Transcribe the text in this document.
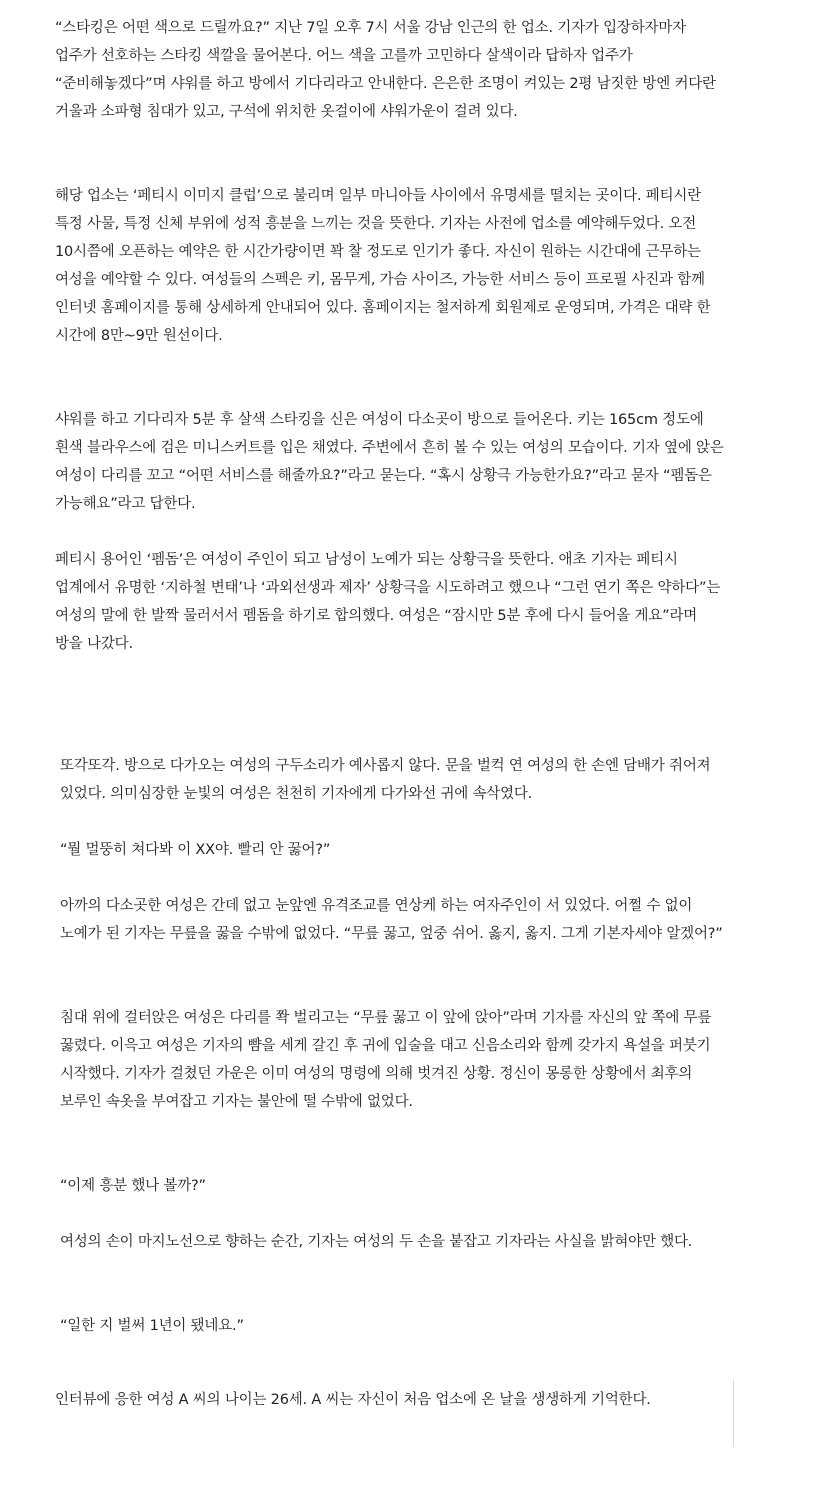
“스타킹은 어떤 색으로 드릴까요?” 지난 7일 오후 7시 서울 강남 인근의 한 업소. 기자가 입장하자마자 업주가 선호하는 스타킹 색깔을 물어본다. 어느 색을 고를까 고민하다 살색이라 답하자 업주가 “준비해놓겠다”며 샤워를 하고 방에서 기다리라고 안내한다. 은은한 조명이 켜있는 2평 남짓한 방엔 커다란 거울과 소파형 침대가 있고, 구석에 위치한 옷걸이에 샤워가운이 걸려 있다.

해당 업소는 ‘페티시 이미지 클럽’으로 불리며 일부 마니아들 사이에서 유명세를 떨치는 곳이다. 페티시란 특정 사물, 특정 신체 부위에 성적 흥분을 느끼는 것을 뜻한다. 기자는 사전에 업소를 예약해두었다. 오전 10시쯤에 오픈하는 예약은 한 시간가량이면 꽉 찰 정도로 인기가 좋다. 자신이 원하는 시간대에 근무하는 여성을 예약할 수 있다. 여성들의 스펙은 키, 몸무게, 가슴 사이즈, 가능한 서비스 등이 프로필 사진과 함께 인터넷 홈페이지를 통해 상세하게 안내되어 있다. 홈페이지는 철저하게 회원제로 운영되며, 가격은 대략 한 시간에 8만~9만 원선이다.

샤워를 하고 기다리자 5분 후 살색 스타킹을 신은 여성이 다소곳이 방으로 들어온다. 키는 165cm 정도에 흰색 블라우스에 검은 미니스커트를 입은 채였다. 주변에서 흔히 볼 수 있는 여성의 모습이다. 기자 옆에 앉은 여성이 다리를 꼬고 “어떤 서비스를 해줄까요?”라고 묻는다. “혹시 상황극 가능한가요?”라고 묻자 “펨돔은 가능해요”라고 답한다.

페티시 용어인 ‘펨돔’은 여성이 주인이 되고 남성이 노예가 되는 상황극을 뜻한다. 애초 기자는 페티시 업계에서 유명한 ‘지하철 변태’나 ‘과외선생과 제자’ 상황극을 시도하려고 했으나 “그런 연기 쪽은 약하다”는 여성의 말에 한 발짝 물러서서 펨돔을 하기로 합의했다. 여성은 “잠시만 5분 후에 다시 들어올 게요”라며 방을 나갔다.

또각또각. 방으로 다가오는 여성의 구두소리가 예사롭지 않다. 문을 벌컥 연 여성의 한 손엔 담배가 쥐어져 있었다. 의미심장한 눈빛의 여성은 천천히 기자에게 다가와선 귀에 속삭였다.

“뭘 멀뚱히 쳐다봐 이 XX야. 빨리 안 꿇어?”

아까의 다소곳한 여성은 간데 없고 눈앞엔 유격조교를 연상케 하는 여자주인이 서 있었다. 어쩔 수 없이 노예가 된 기자는 무릎을 꿇을 수밖에 없었다. “무릎 꿇고, 엎중 쉬어. 옳지, 옳지. 그게 기본자세야 알겠어?”

침대 위에 걸터앉은 여성은 다리를 쫙 벌리고는 “무릎 꿇고 이 앞에 앉아”라며 기자를 자신의 앞 쪽에 무릎 꿇렸다. 이윽고 여성은 기자의 뺨을 세게 갈긴 후 귀에 입술을 대고 신음소리와 함께 갖가지 욕설을 퍼붓기 시작했다. 기자가 걸쳤던 가운은 이미 여성의 명령에 의해 벗겨진 상황. 정신이 몽롱한 상황에서 최후의 보루인 속옷을 부여잡고 기자는 불안에 떨 수밖에 없었다.

“이제 흥분 했나 볼까?”

여성의 손이 마지노선으로 향하는 순간, 기자는 여성의 두 손을 붙잡고 기자라는 사실을 밝혀야만 했다.

“일한 지 벌써 1년이 됐네요.”

인터뷰에 응한 여성 A 씨의 나이는 26세. A 씨는 자신이 처음 업소에 온 날을 생생하게 기억한다.
